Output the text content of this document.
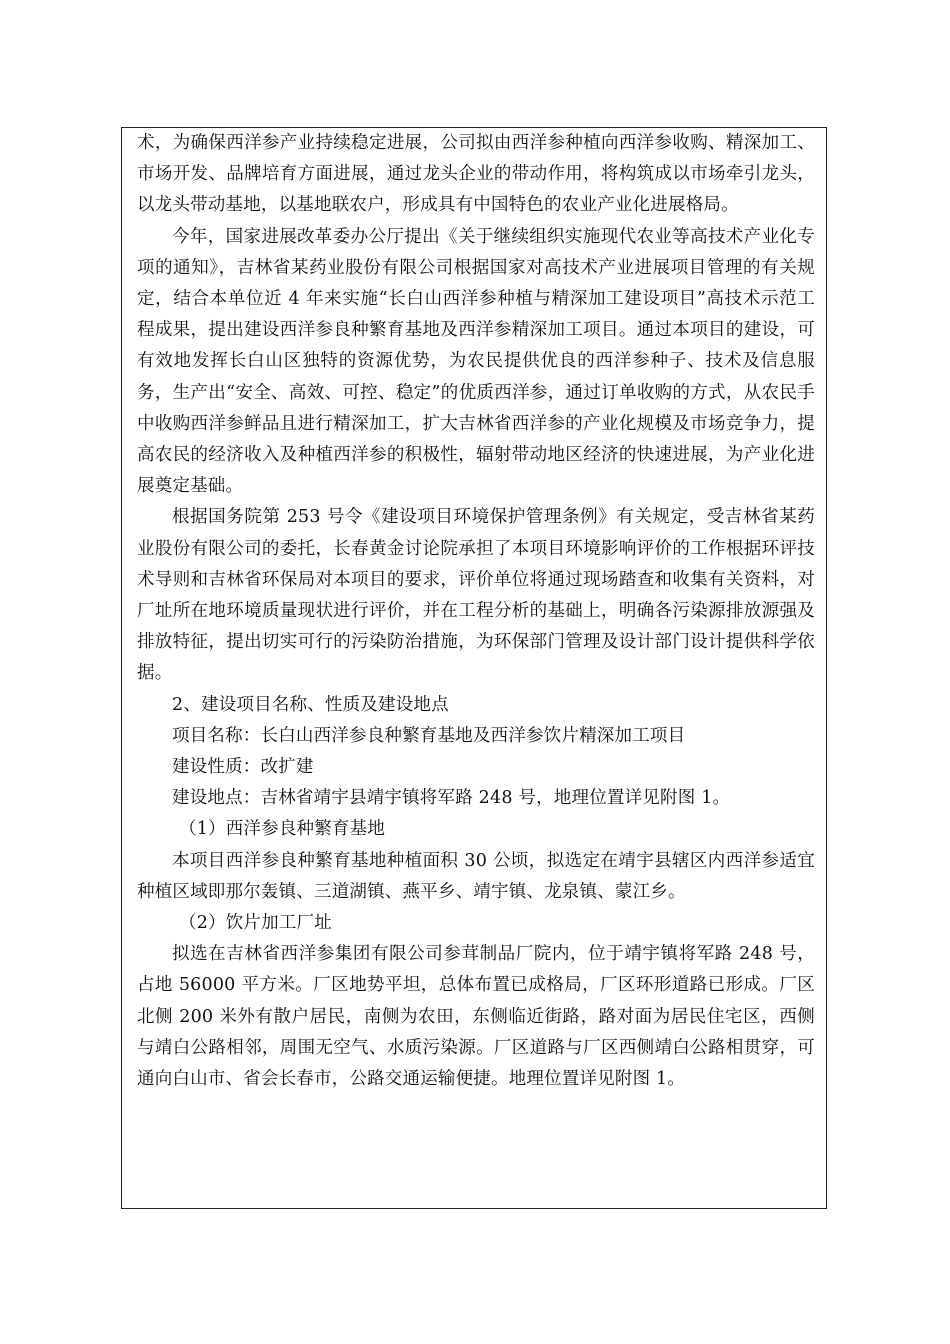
术，为确保西洋参产业持续稳定进展，公司拟由西洋参种植向西洋参收购、精深加工、市场开发、品牌培育方面进展，通过龙头企业的带动作用，将构筑成以市场牵引龙头，以龙头带动基地，以基地联农户，形成具有中国特色的农业产业化进展格局。

今年，国家进展改革委办公厅提出《关于继续组织实施现代农业等高技术产业化专项的通知》，吉林省某药业股份有限公司根据国家对高技术产业进展项目管理的有关规定，结合本单位近 4 年来实施“长白山西洋参种植与精深加工建设项目”高技术示范工程成果，提出建设西洋参良种繁育基地及西洋参精深加工项目。通过本项目的建设，可有效地发挥长白山区独特的资源优势，为农民提供优良的西洋参种子、技术及信息服务，生产出“安全、高效、可控、稳定”的优质西洋参，通过订单收购的方式，从农民手中收购西洋参鲜品且进行精深加工，扩大吉林省西洋参的产业化规模及市场竞争力，提高农民的经济收入及种植西洋参的积极性，辐射带动地区经济的快速进展，为产业化进展奠定基础。

根据国务院第 253 号令《建设项目环境保护管理条例》有关规定，受吉林省某药业股份有限公司的委托，长春黄金讨论院承担了本项目环境影响评价的工作根据环评技术导则和吉林省环保局对本项目的要求，评价单位将通过现场踏查和收集有关资料，对厂址所在地环境质量现状进行评价，并在工程分析的基础上，明确各污染源排放源强及排放特征，提出切实可行的污染防治措施，为环保部门管理及设计部门设计提供科学依据。

2、建设项目名称、性质及建设地点

项目名称：长白山西洋参良种繁育基地及西洋参饮片精深加工项目

建设性质：改扩建

建设地点：吉林省靖宇县靖宇镇将军路 248 号，地理位置详见附图 1。

（1）西洋参良种繁育基地

本项目西洋参良种繁育基地种植面积 30 公顷，拟选定在靖宇县辖区内西洋参适宜种植区域即那尔轰镇、三道湖镇、燕平乡、靖宇镇、龙泉镇、蒙江乡。

（2）饮片加工厂址

拟选在吉林省西洋参集团有限公司参茸制品厂院内，位于靖宇镇将军路 248 号，占地 56000 平方米。厂区地势平坦，总体布置已成格局，厂区环形道路已形成。厂区北侧 200 米外有散户居民，南侧为农田，东侧临近街路，路对面为居民住宅区，西侧与靖白公路相邻，周围无空气、水质污染源。厂区道路与厂区西侧靖白公路相贯穿，可通向白山市、省会长春市，公路交通运输便捷。地理位置详见附图 1。
